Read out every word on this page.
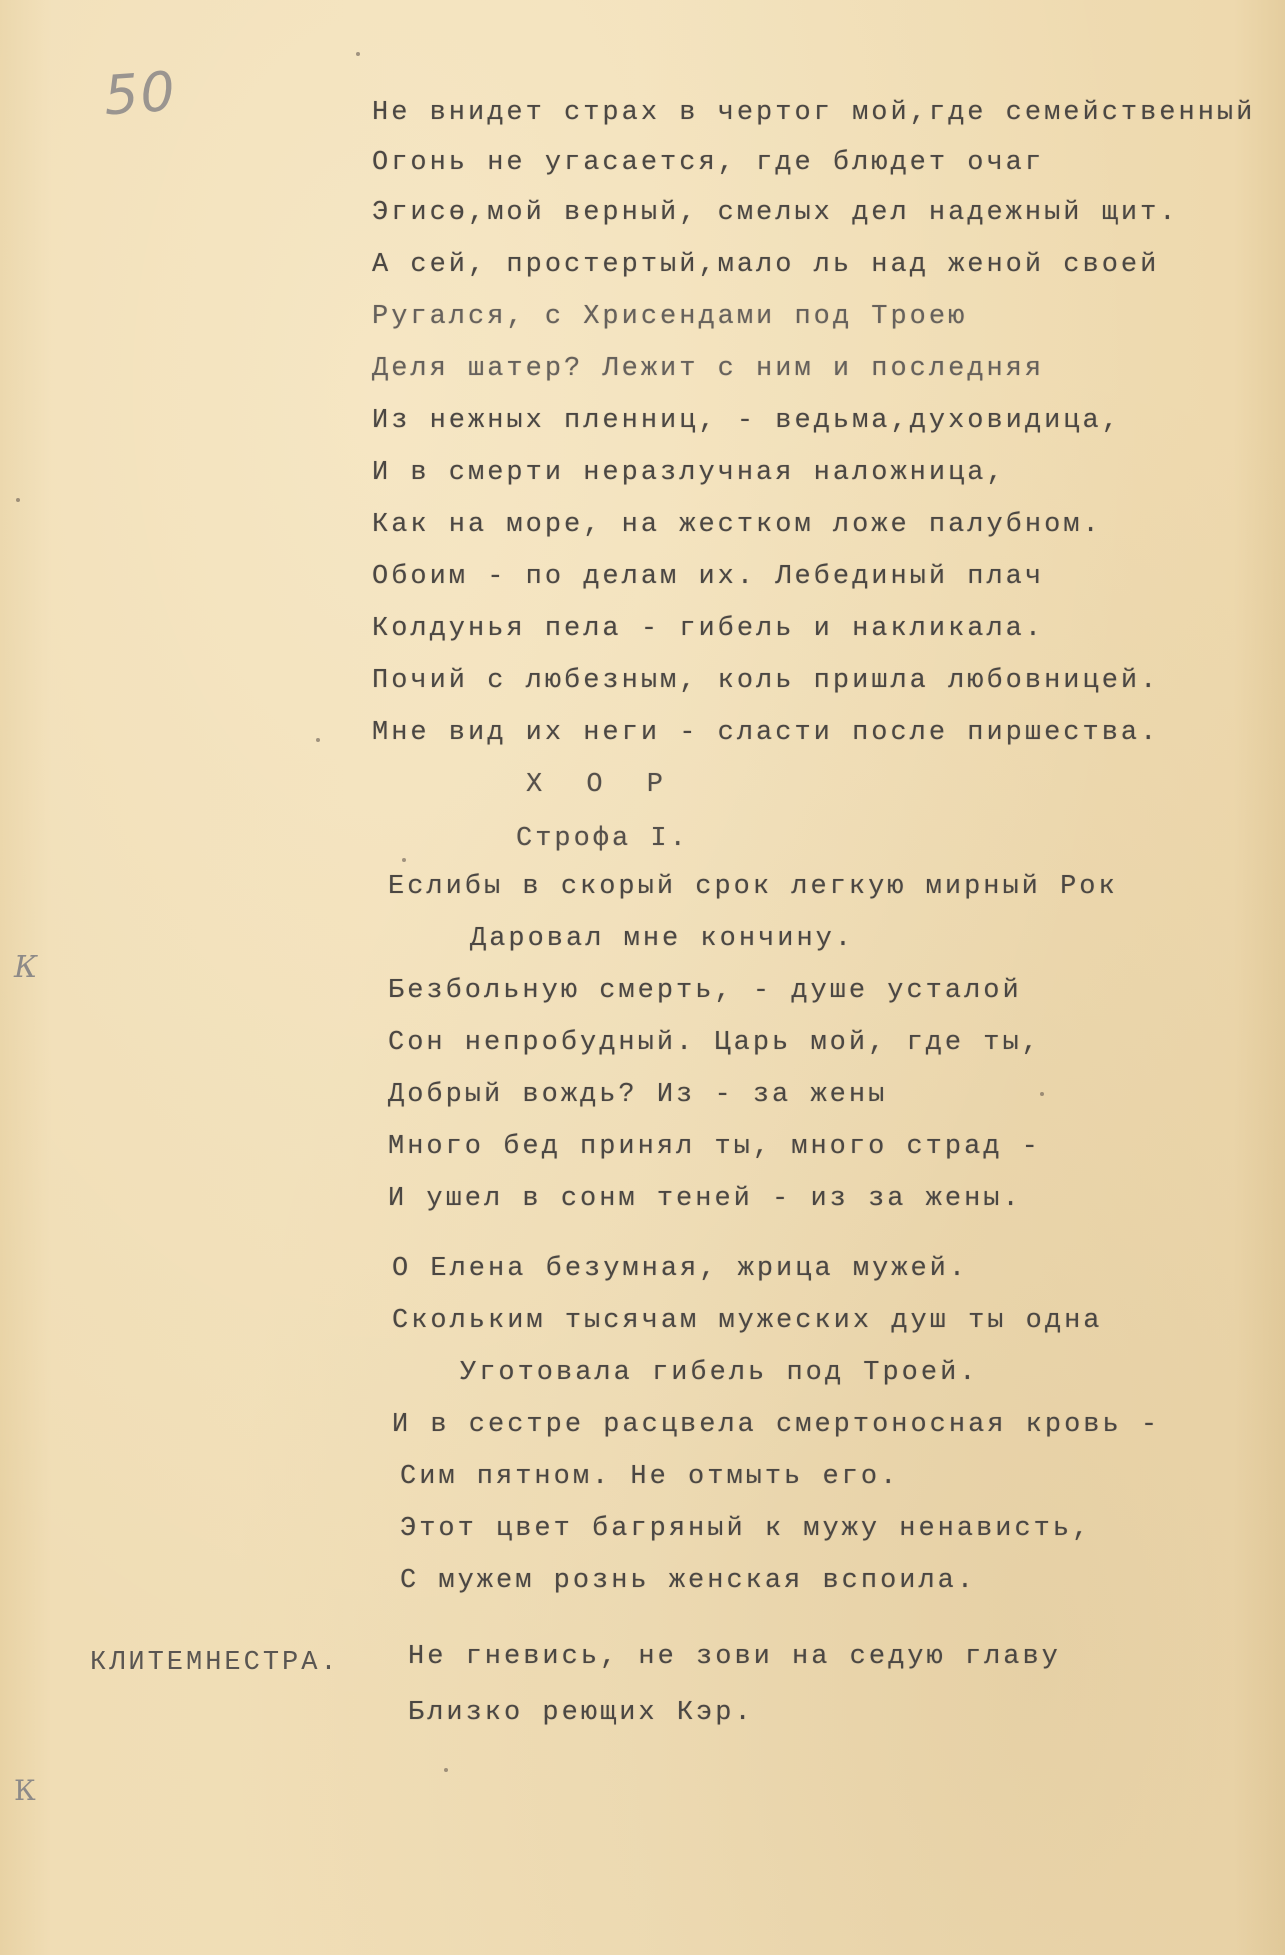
50
К
К
Не внидет страх в чертог мой,где семейственный
Огонь не угасается, где блюдет очаг
Эгисө,мой верный, смелых дел надежный щит.
А сей, простертый,мало ль над женой своей
Ругался, с Хрисендами под Троею
Деля шатер? Лежит с ним и последняя
Из нежных пленниц, - ведьма,духовидица,
И в смерти неразлучная наложница,
Как на море, на жестком ложе палубном.
Обоим - по делам их. Лебединый плач
Колдунья пела - гибель и накликала.
Почий с любезным, коль пришла любовницей.
Мне вид их неги - сласти после пиршества.
Х О Р
Строфа I.
Еслибы в скорый срок легкую мирный Рок
Даровал мне кончину.
Безбольную смерть, - душе усталой
Сон непробудный. Царь мой, где ты,
Добрый вождь? Из - за жены
Много бед принял ты, много страд -
И ушел в сонм теней - из за жены.
О Елена безумная, жрица мужей.
Скольким тысячам мужеских душ ты одна
Уготовала гибель под Троей.
И в сестре расцвела смертоносная кровь -
Сим пятном. Не отмыть его.
Этот цвет багряный к мужу ненависть,
С мужем рознь женская вспоила.
КЛИТЕМНЕСТРА.	Не гневись, не зови на седую главу
Близко реющих Кэр.
